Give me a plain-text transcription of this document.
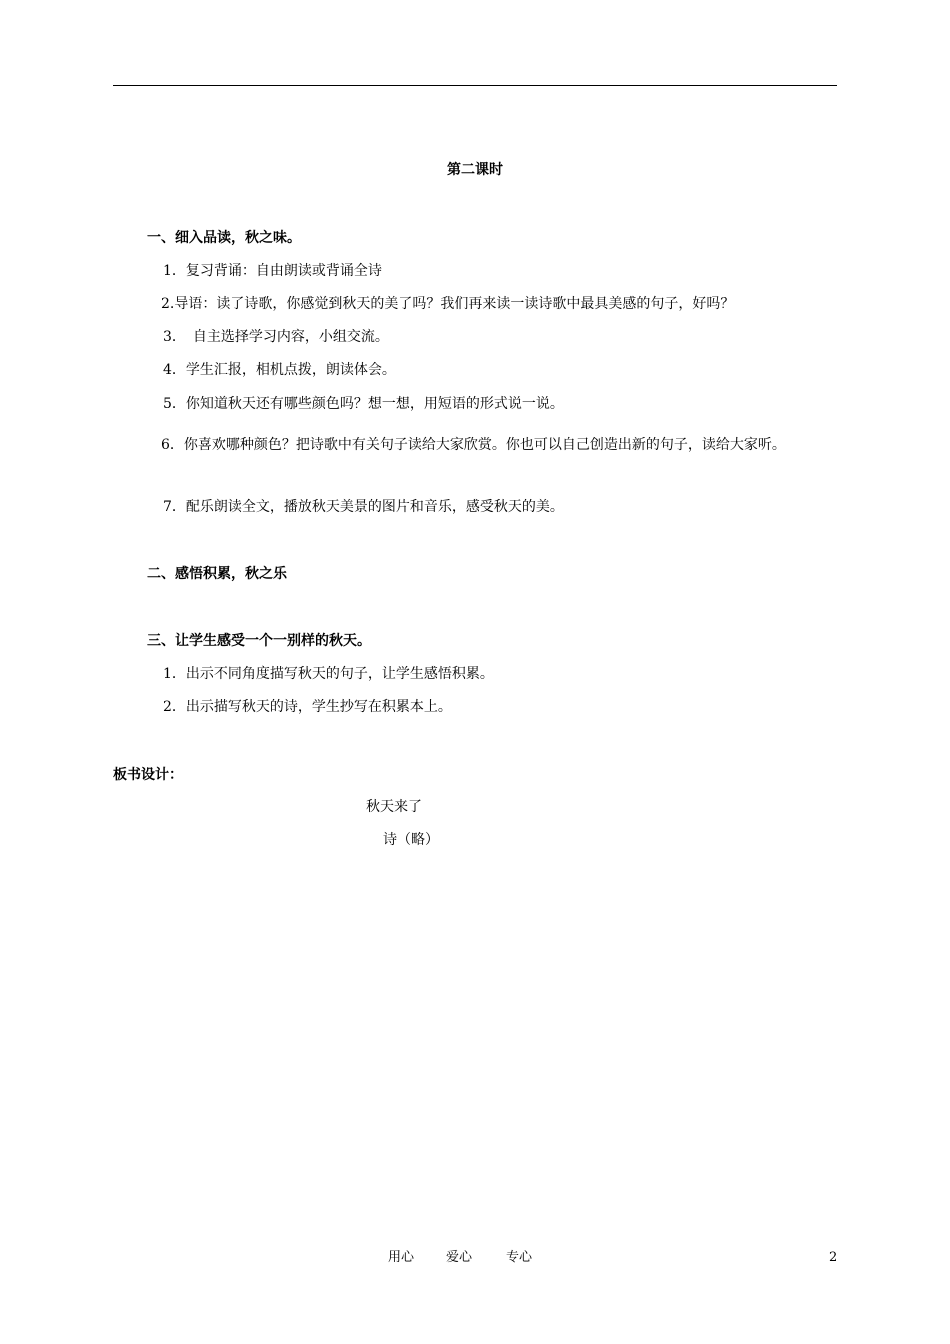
第二课时
一、细入品读，秋之味。
1．复习背诵：自由朗读或背诵全诗
2.导语：读了诗歌，你感觉到秋天的美了吗？我们再来读一读诗歌中最具美感的句子，好吗？
3．　自主选择学习内容，小组交流。
4．学生汇报，相机点拨，朗读体会。
5．你知道秋天还有哪些颜色吗？想一想，用短语的形式说一说。
6．你喜欢哪种颜色？把诗歌中有关句子读给大家欣赏。你也可以自己创造出新的句子，读给大家听。
7．配乐朗读全文，播放秋天美景的图片和音乐，感受秋天的美。
二、感悟积累，秋之乐
三、让学生感受一个一别样的秋天。
1．出示不同角度描写秋天的句子，让学生感悟积累。
2．出示描写秋天的诗，学生抄写在积累本上。
板书设计：
秋天来了
诗（略）
用心 爱心	专心	2
